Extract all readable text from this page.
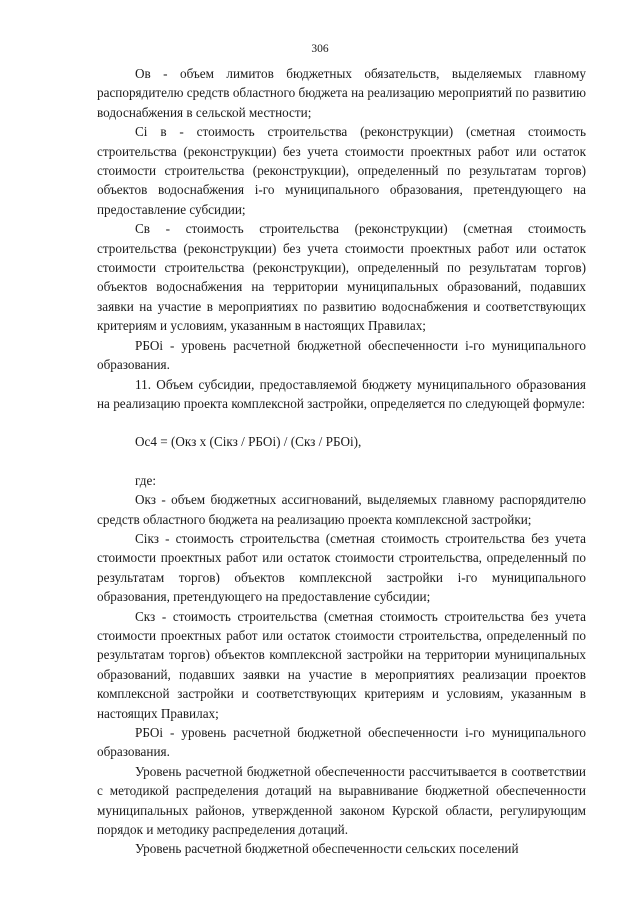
306

Ов - объем лимитов бюджетных обязательств, выделяемых главному распорядителю средств областного бюджета на реализацию мероприятий по развитию водоснабжения в сельской местности;

Сi в - стоимость строительства (реконструкции) (сметная стоимость строительства (реконструкции) без учета стоимости проектных работ или остаток стоимости строительства (реконструкции), определенный по результатам торгов) объектов водоснабжения i-го муниципального образования, претендующего на предоставление субсидии;

Св - стоимость строительства (реконструкции) (сметная стоимость строительства (реконструкции) без учета стоимости проектных работ или остаток стоимости строительства (реконструкции), определенный по результатам торгов) объектов водоснабжения на территории муниципальных образований, подавших заявки на участие в мероприятиях по развитию водоснабжения и соответствующих критериям и условиям, указанным в настоящих Правилах;

РБОi - уровень расчетной бюджетной обеспеченности i-го муниципального образования.

11. Объем субсидии, предоставляемой бюджету муниципального образования на реализацию проекта комплексной застройки, определяется по следующей формуле:

Ос4 = (Окз х (Сiкз / РБОi) / (Скз / РБОi),

где:

Окз - объем бюджетных ассигнований, выделяемых главному распорядителю средств областного бюджета на реализацию проекта комплексной застройки;

Сiкз - стоимость строительства (сметная стоимость строительства без учета стоимости проектных работ или остаток стоимости строительства, определенный по результатам торгов) объектов комплексной застройки i-го муниципального образования, претендующего на предоставление субсидии;

Скз - стоимость строительства (сметная стоимость строительства без учета стоимости проектных работ или остаток стоимости строительства, определенный по результатам торгов) объектов комплексной застройки на территории муниципальных образований, подавших заявки на участие в мероприятиях реализации проектов комплексной застройки и соответствующих критериям и условиям, указанным в настоящих Правилах;

РБОi - уровень расчетной бюджетной обеспеченности i-го муниципального образования.

Уровень расчетной бюджетной обеспеченности рассчитывается в соответствии с методикой распределения дотаций на выравнивание бюджетной обеспеченности муниципальных районов, утвержденной законом Курской области, регулирующим порядок и методику распределения дотаций.

Уровень расчетной бюджетной обеспеченности сельских поселений
